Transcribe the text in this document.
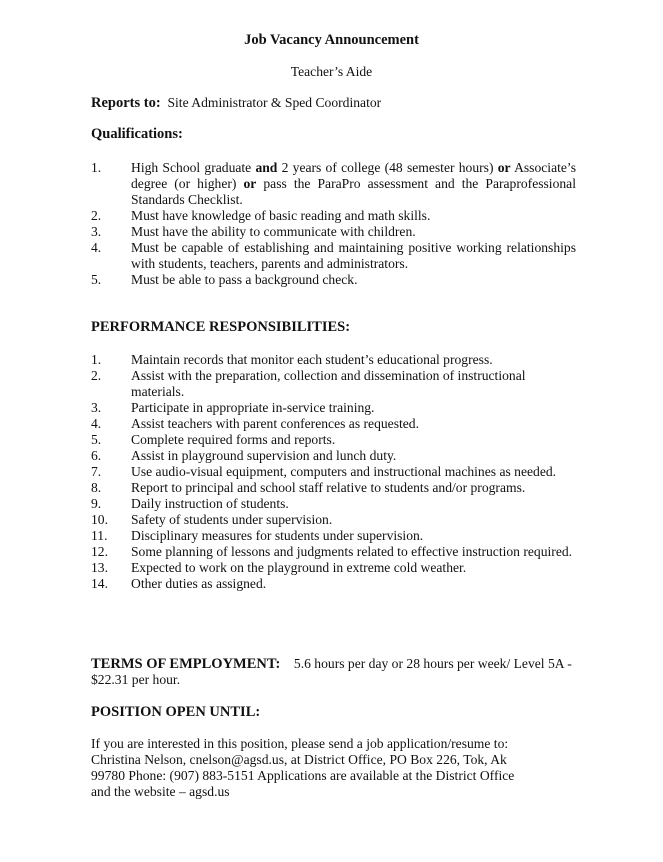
Job Vacancy Announcement
Teacher’s Aide
Reports to: Site Administrator & Sped Coordinator
Qualifications:
1. High School graduate and 2 years of college (48 semester hours) or Associate’s degree (or higher) or pass the ParaPro assessment and the Paraprofessional Standards Checklist.
2. Must have knowledge of basic reading and math skills.
3. Must have the ability to communicate with children.
4. Must be capable of establishing and maintaining positive working relationships with students, teachers, parents and administrators.
5. Must be able to pass a background check.
PERFORMANCE RESPONSIBILITIES:
1. Maintain records that monitor each student’s educational progress.
2. Assist with the preparation, collection and dissemination of instructional materials.
3. Participate in appropriate in-service training.
4. Assist teachers with parent conferences as requested.
5. Complete required forms and reports.
6. Assist in playground supervision and lunch duty.
7. Use audio-visual equipment, computers and instructional machines as needed.
8. Report to principal and school staff relative to students and/or programs.
9. Daily instruction of students.
10. Safety of students under supervision.
11. Disciplinary measures for students under supervision.
12. Some planning of lessons and judgments related to effective instruction required.
13. Expected to work on the playground in extreme cold weather.
14. Other duties as assigned.
TERMS OF EMPLOYMENT: 5.6 hours per day or 28 hours per week/ Level 5A - $22.31 per hour.
POSITION OPEN UNTIL:
If you are interested in this position, please send a job application/resume to:
Christina Nelson, cnelson@agsd.us, at District Office, PO Box 226, Tok, Ak
99780 Phone: (907) 883-5151 Applications are available at the District Office
and the website – agsd.us
